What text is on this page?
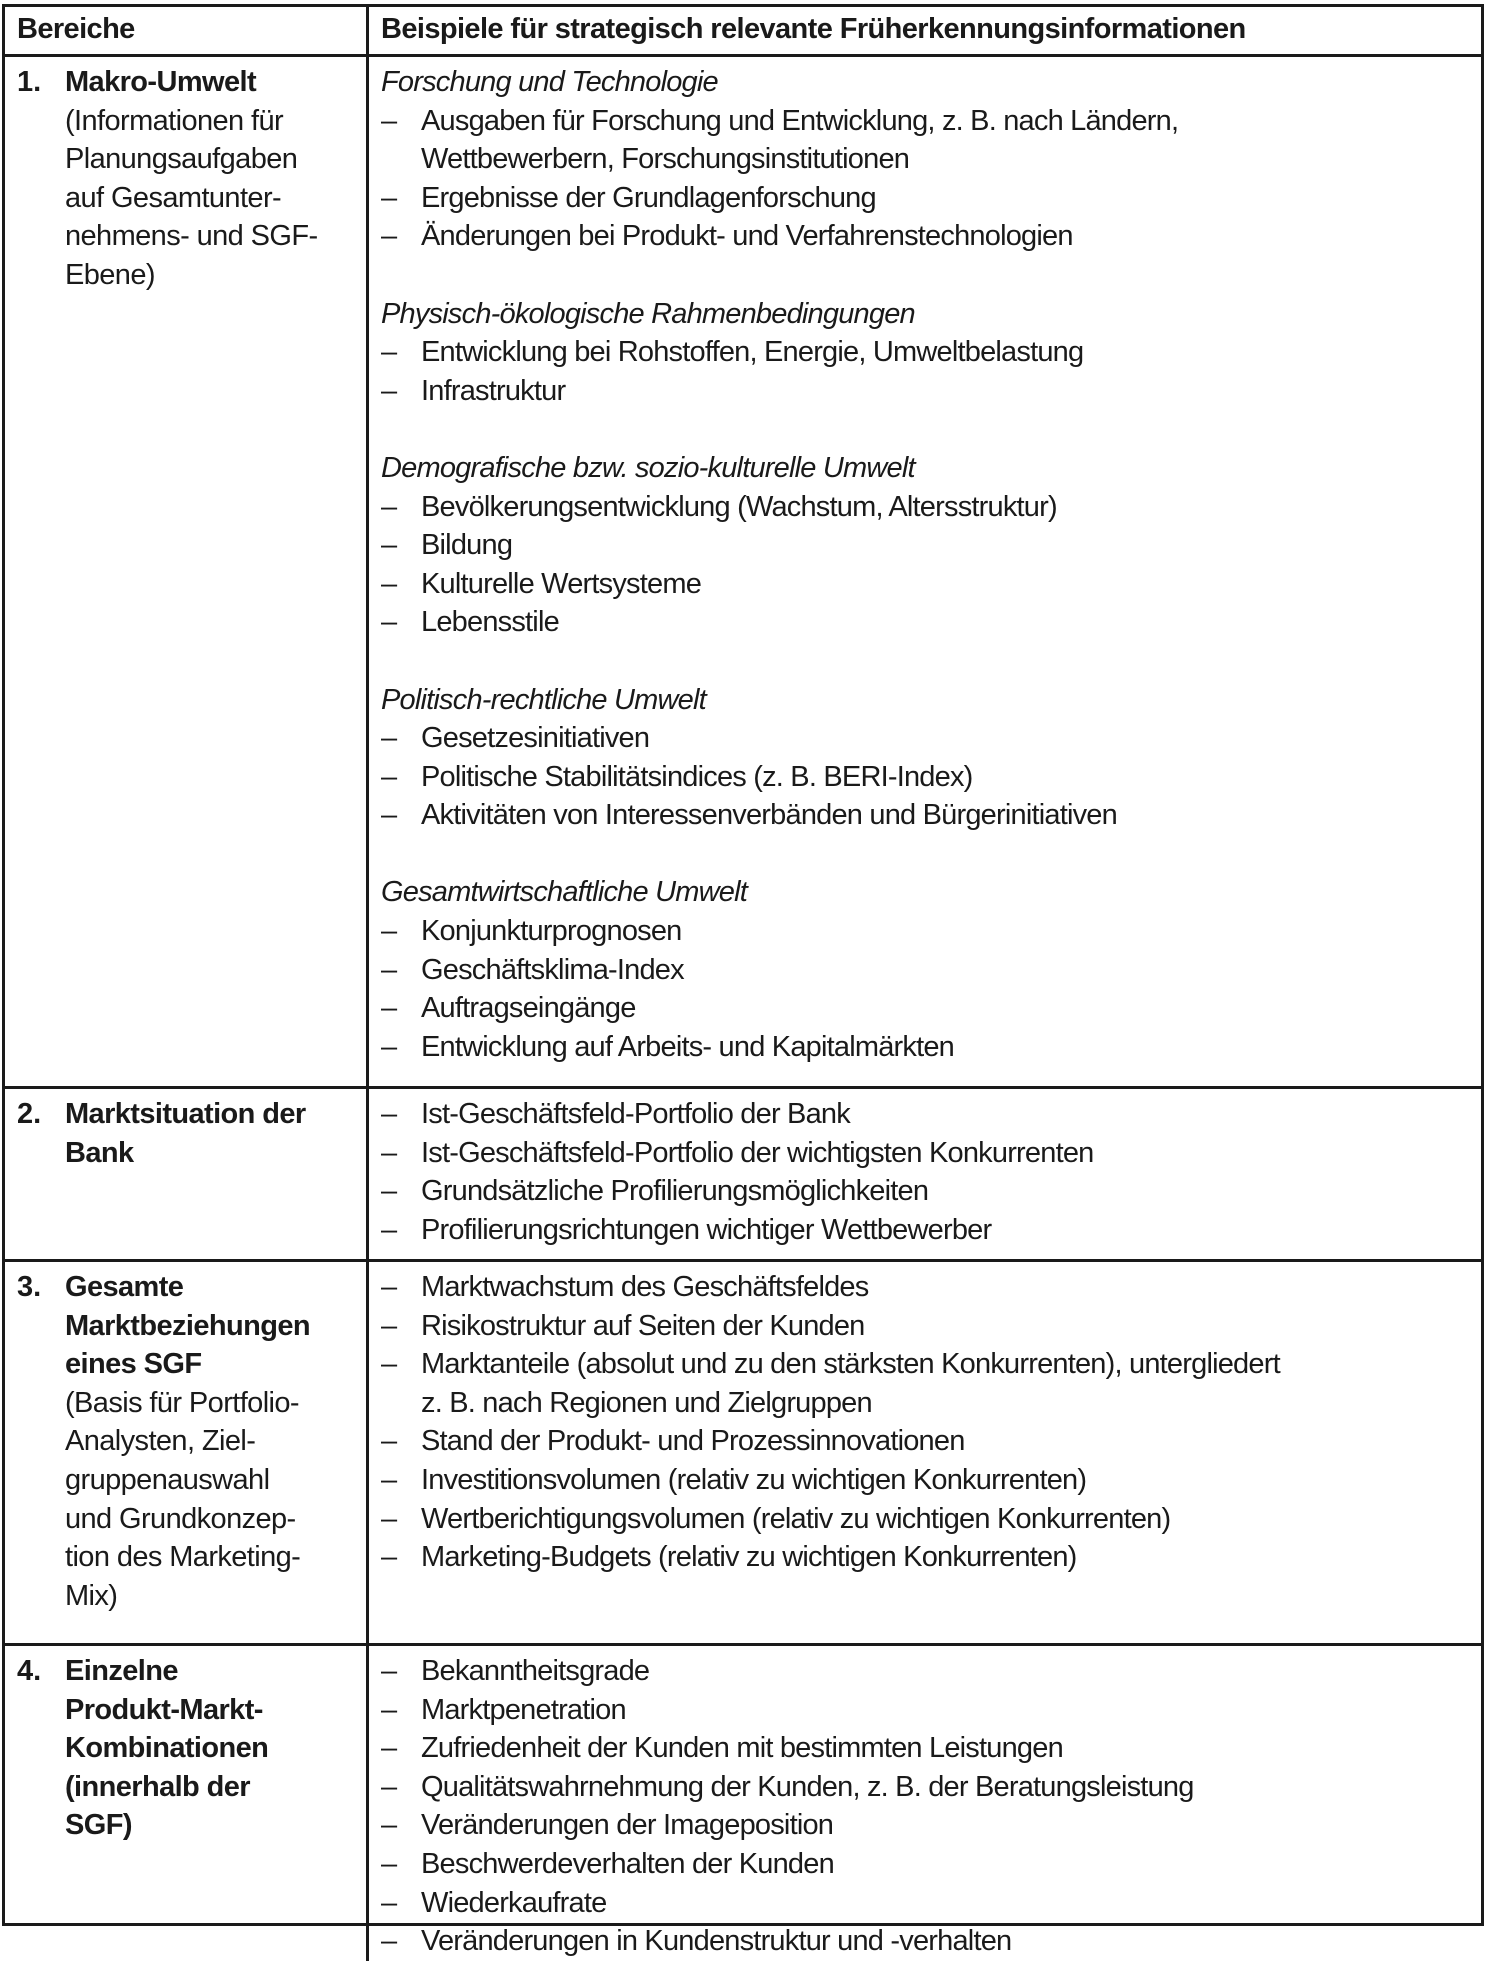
Bereiche	Beispiele für strategisch relevante Früherkennungsinformationen
1. Makro-Umwelt
(Informationen für
Planungsaufgaben
auf Gesamtunter-
nehmens- und SGF-
Ebene)
Forschung und Technologie
– Ausgaben für Forschung und Entwicklung, z. B. nach Ländern,
Wettbewerbern, Forschungsinstitutionen
– Ergebnisse der Grundlagenforschung
– Änderungen bei Produkt- und Verfahrenstechnologien
Physisch-ökologische Rahmenbedingungen
– Entwicklung bei Rohstoffen, Energie, Umweltbelastung
– Infrastruktur
Demografische bzw. sozio-kulturelle Umwelt
– Bevölkerungsentwicklung (Wachstum, Altersstruktur)
– Bildung
– Kulturelle Wertsysteme
– Lebensstile
Politisch-rechtliche Umwelt
– Gesetzesinitiativen
– Politische Stabilitätsindices (z. B. BERI-Index)
– Aktivitäten von Interessenverbänden und Bürgerinitiativen
Gesamtwirtschaftliche Umwelt
– Konjunkturprognosen
– Geschäftsklima-Index
– Auftragseingänge
– Entwicklung auf Arbeits- und Kapitalmärkten
2. Marktsituation der
Bank
– Ist-Geschäftsfeld-Portfolio der Bank
– Ist-Geschäftsfeld-Portfolio der wichtigsten Konkurrenten
– Grundsätzliche Profilierungsmöglichkeiten
– Profilierungsrichtungen wichtiger Wettbewerber
3. Gesamte
Marktbeziehungen
eines SGF
(Basis für Portfolio-
Analysten, Ziel-
gruppenauswahl
und Grundkonzep-
tion des Marketing-
Mix)
– Marktwachstum des Geschäftsfeldes
– Risikostruktur auf Seiten der Kunden
– Marktanteile (absolut und zu den stärksten Konkurrenten), untergliedert
z. B. nach Regionen und Zielgruppen
– Stand der Produkt- und Prozessinnovationen
– Investitionsvolumen (relativ zu wichtigen Konkurrenten)
– Wertberichtigungsvolumen (relativ zu wichtigen Konkurrenten)
– Marketing-Budgets (relativ zu wichtigen Konkurrenten)
4. Einzelne
Produkt-Markt-
Kombinationen
(innerhalb der
SGF)
– Bekanntheitsgrade
– Marktpenetration
– Zufriedenheit der Kunden mit bestimmten Leistungen
– Qualitätswahrnehmung der Kunden, z. B. der Beratungsleistung
– Veränderungen der Imageposition
– Beschwerdeverhalten der Kunden
– Wiederkaufrate
– Veränderungen in Kundenstruktur und -verhalten
